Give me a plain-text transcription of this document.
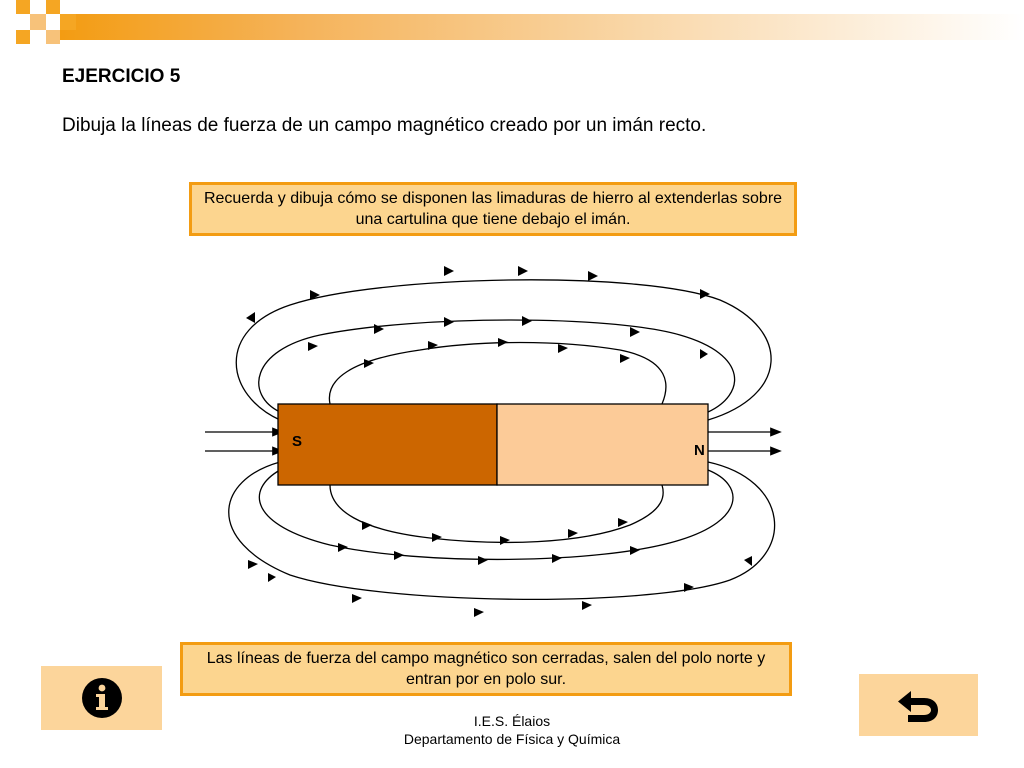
EJERCICIO 5
Dibuja la líneas de fuerza de un campo magnético creado por un imán recto.
Recuerda y dibuja cómo se disponen las limaduras de hierro al extenderlas sobre una cartulina que tiene debajo el imán.
S
N
Las líneas de fuerza del campo magnético son cerradas, salen del polo norte y entran por en polo sur.
I.E.S. Élaios
Departamento de Física y Química
